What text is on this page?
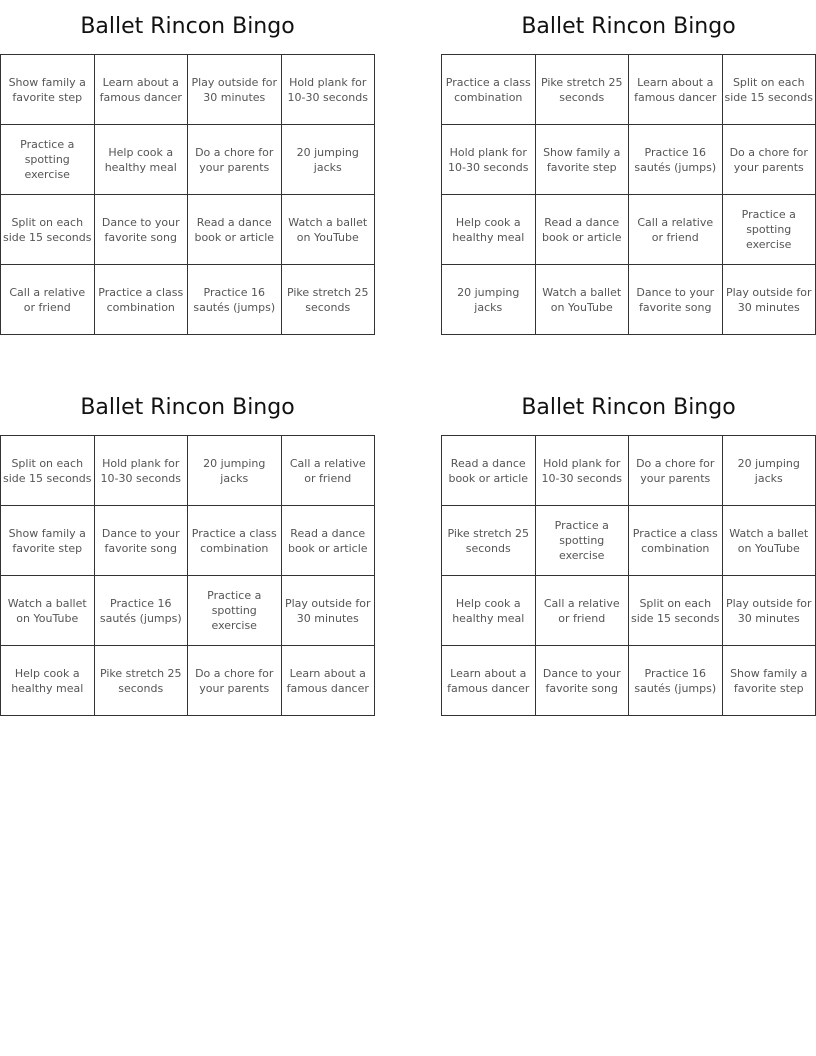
Ballet Rincon Bingo
Show family a favorite step
Learn about a famous dancer
Play outside for 30 minutes
Hold plank for 10-30 seconds
Practice a spotting exercise
Help cook a healthy meal
Do a chore for your parents
20 jumping jacks
Split on each side 15 seconds
Dance to your favorite song
Read a dance book or article
Watch a ballet on YouTube
Call a relative or friend
Practice a class combination
Practice 16 sautés (jumps)
Pike stretch 25 seconds
Ballet Rincon Bingo
Practice a class combination
Pike stretch 25 seconds
Learn about a famous dancer
Split on each side 15 seconds
Hold plank for 10-30 seconds
Show family a favorite step
Practice 16 sautés (jumps)
Do a chore for your parents
Help cook a healthy meal
Read a dance book or article
Call a relative or friend
Practice a spotting exercise
20 jumping jacks
Watch a ballet on YouTube
Dance to your favorite song
Play outside for 30 minutes
Ballet Rincon Bingo
Split on each side 15 seconds
Hold plank for 10-30 seconds
20 jumping jacks
Call a relative or friend
Show family a favorite step
Dance to your favorite song
Practice a class combination
Read a dance book or article
Watch a ballet on YouTube
Practice 16 sautés (jumps)
Practice a spotting exercise
Play outside for 30 minutes
Help cook a healthy meal
Pike stretch 25 seconds
Do a chore for your parents
Learn about a famous dancer
Ballet Rincon Bingo
Read a dance book or article
Hold plank for 10-30 seconds
Do a chore for your parents
20 jumping jacks
Pike stretch 25 seconds
Practice a spotting exercise
Practice a class combination
Watch a ballet on YouTube
Help cook a healthy meal
Call a relative or friend
Split on each side 15 seconds
Play outside for 30 minutes
Learn about a famous dancer
Dance to your favorite song
Practice 16 sautés (jumps)
Show family a favorite step
